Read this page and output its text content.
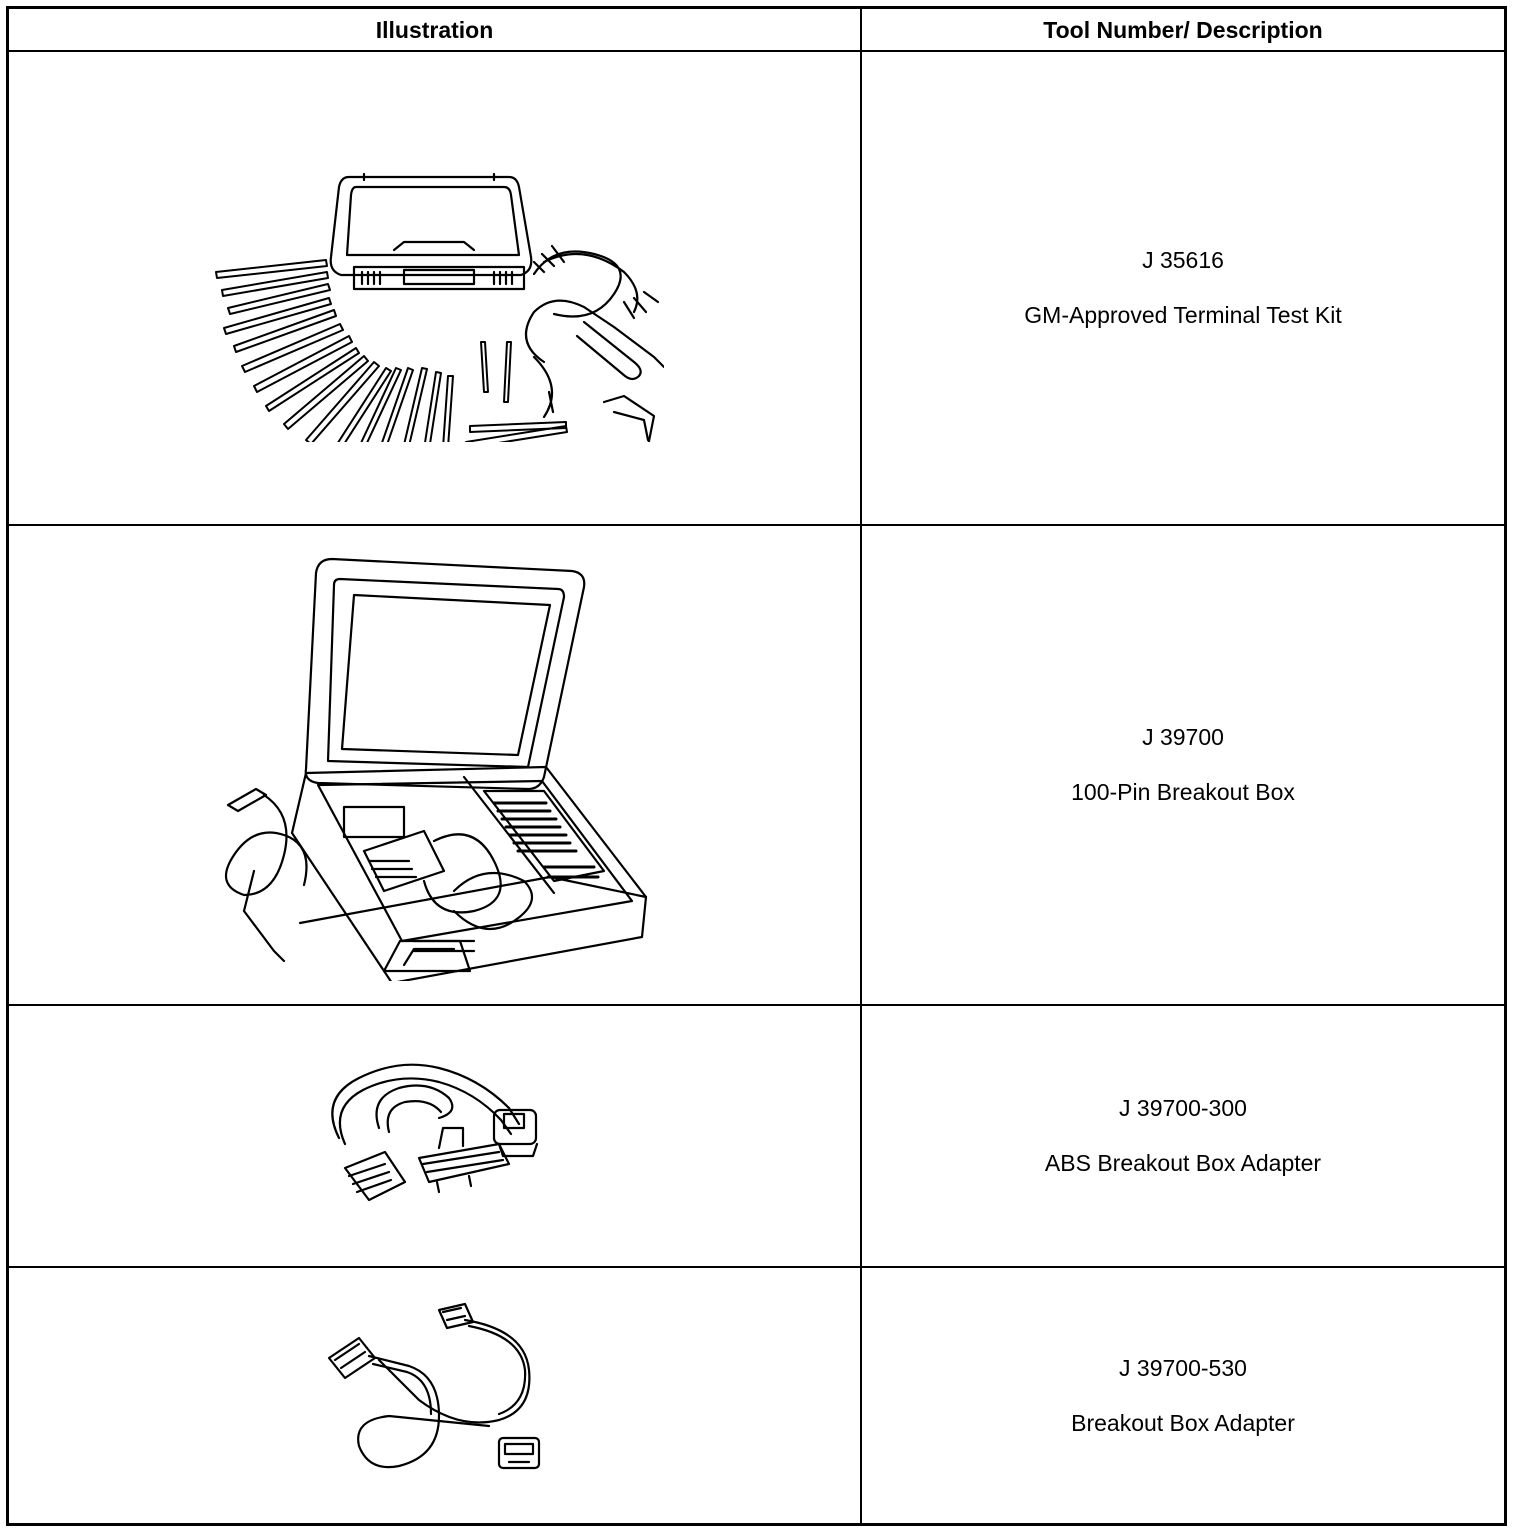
Illustration	Tool Number/ Description
J 35616
GM-Approved Terminal Test Kit
J 39700
100-Pin Breakout Box
J 39700-300
ABS Breakout Box Adapter
J 39700-530
Breakout Box Adapter
